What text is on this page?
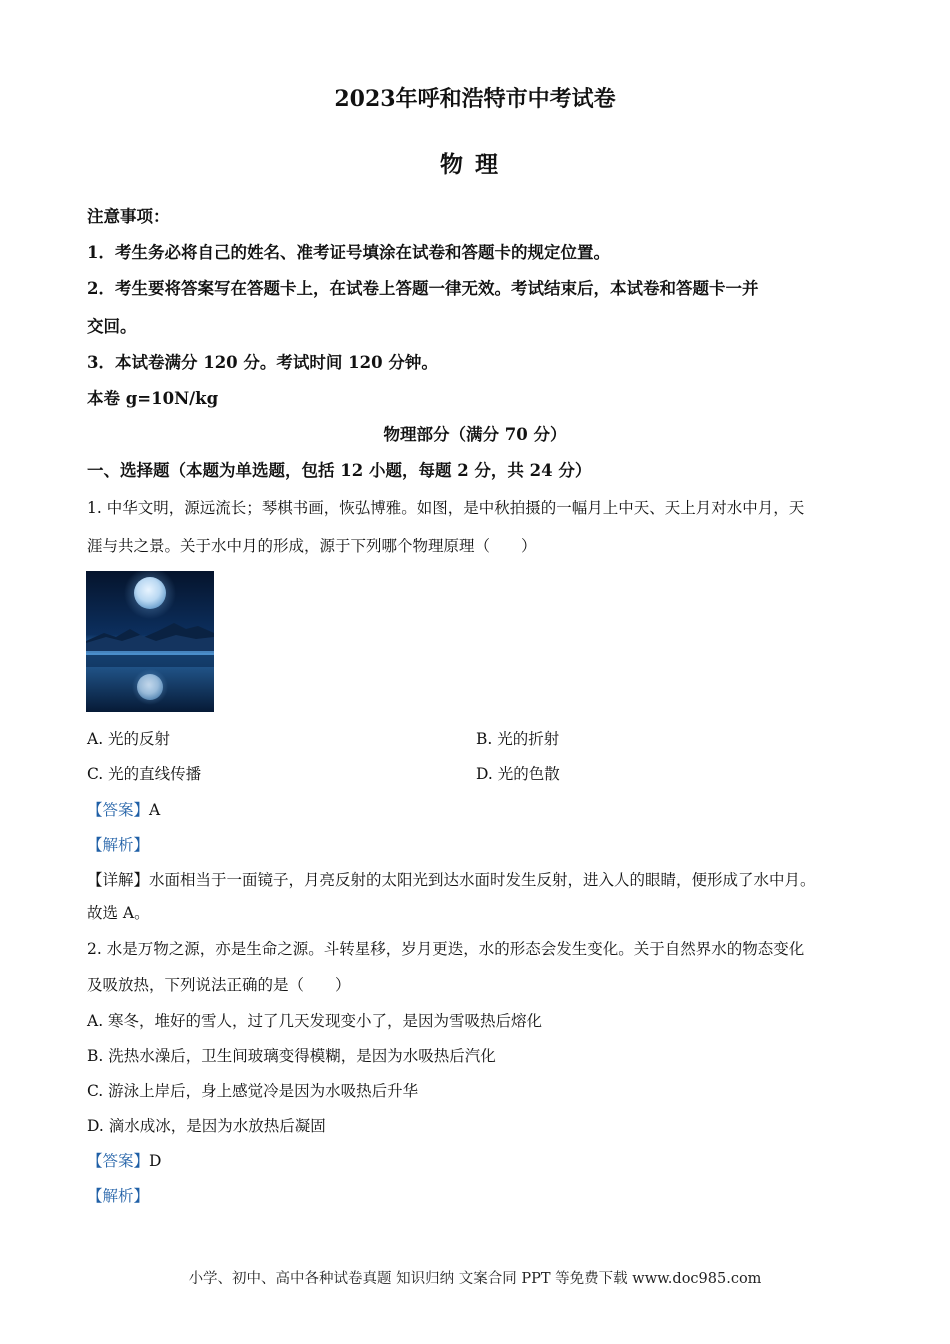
2023年呼和浩特市中考试卷
物理
注意事项：
1．考生务必将自己的姓名、准考证号填涂在试卷和答题卡的规定位置。
2．考生要将答案写在答题卡上，在试卷上答题一律无效。考试结束后，本试卷和答题卡一并
交回。
3．本试卷满分 120 分。考试时间 120 分钟。
本卷 g=10N/kg
物理部分（满分 70 分）
一、选择题（本题为单选题，包括 12 小题，每题 2 分，共 24 分）
1. 中华文明，源远流长；琴棋书画，恢弘博雅。如图，是中秋拍摄的一幅月上中天、天上月对水中月，天
涯与共之景。关于水中月的形成，源于下列哪个物理原理（　　）
A. 光的反射	B. 光的折射
C. 光的直线传播	D. 光的色散
【答案】A
【解析】
【详解】水面相当于一面镜子，月亮反射的太阳光到达水面时发生反射，进入人的眼睛，便形成了水中月。
故选 A。
2. 水是万物之源，亦是生命之源。斗转星移，岁月更迭，水的形态会发生变化。关于自然界水的物态变化
及吸放热，下列说法正确的是（　　）
A. 寒冬，堆好的雪人，过了几天发现变小了，是因为雪吸热后熔化
B. 洗热水澡后，卫生间玻璃变得模糊，是因为水吸热后汽化
C. 游泳上岸后，身上感觉冷是因为水吸热后升华
D. 滴水成冰，是因为水放热后凝固
【答案】D
【解析】
小学、初中、高中各种试卷真题 知识归纳 文案合同 PPT 等免费下载 www.doc985.com
